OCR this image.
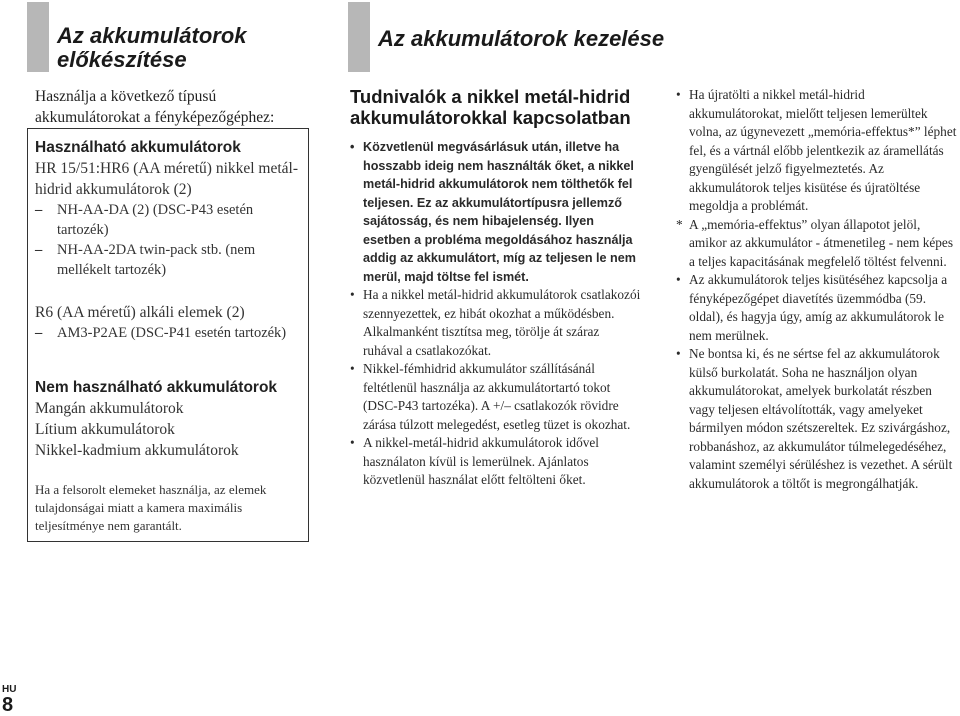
Az akkumulátorok
előkészítése
Az akkumulátorok kezelése

Használja a következő típusú akkumulátorokat a fényképezőgéphez:

Használható akkumulátorok

HR 15/51:HR6 (AA méretű) nikkel metál-hidrid akkumulátorok (2)

– NH-AA-DA (2) (DSC-P43 esetén tartozék)
– NH-AA-2DA twin-pack stb. (nem mellékelt tartozék)

R6 (AA méretű) alkáli elemek (2)

– AM3-P2AE (DSC-P41 esetén tartozék)

Nem használható akkumulátorok

Mangán akkumulátorok

Lítium akkumulátorok

Nikkel-kadmium akkumulátorok

Ha a felsorolt elemeket használja, az elemek tulajdonságai miatt a kamera maximális teljesítménye nem garantált.

Tudnivalók a nikkel metál-hidrid akkumulátorokkal kapcsolatban

• Közvetlenül megvásárlásuk után, illetve ha hosszabb ideig nem használták őket, a nikkel metál-hidrid akkumulátorok nem tölthetők fel teljesen. Ez az akkumulátortípusra jellemző sajátosság, és nem hibajelenség. Ilyen esetben a probléma megoldásához használja addig az akkumulátort, míg az teljesen le nem merül, majd töltse fel ismét.
• Ha a nikkel metál-hidrid akkumulátorok csatlakozói szennyezettek, ez hibát okozhat a működésben. Alkalmanként tisztítsa meg, törölje át száraz ruhával a csatlakozókat.
• Nikkel-fémhidrid akkumulátor szállításánál feltétlenül használja az akkumulátortartó tokot (DSC-P43 tartozéka). A +/– csatlakozók rövidre zárása túlzott melegedést, esetleg tüzet is okozhat.
• A nikkel-metál-hidrid akkumulátorok idővel használaton kívül is lemerülnek. Ajánlatos közvetlenül használat előtt feltölteni őket.
• Ha újratölti a nikkel metál-hidrid akkumulátorokat, mielőtt teljesen lemerültek volna, az úgynevezett „memória-effektus*” léphet fel, és a vártnál előbb jelentkezik az áramellátás gyengülését jelző figyelmeztetés. Az akkumulátorok teljes kisütése és újratöltése megoldja a problémát.
* A „memória-effektus” olyan állapotot jelöl, amikor az akkumulátor - átmenetileg - nem képes a teljes kapacitásának megfelelő töltést felvenni.
• Az akkumulátorok teljes kisütéséhez kapcsolja a fényképezőgépet diavetítés üzemmódba (59. oldal), és hagyja úgy, amíg az akkumulátorok le nem merülnek.
• Ne bontsa ki, és ne sértse fel az akkumulátorok külső burkolatát. Soha ne használjon olyan akkumulátorokat, amelyek burkolatát részben vagy teljesen eltávolították, vagy amelyeket bármilyen módon szétszereltek. Ez szivárgáshoz, robbanáshoz, az akkumulátor túlmelegedéséhez, valamint személyi sérüléshez is vezethet. A sérült akkumulátorok a töltőt is megrongálhatják.
HU
8
